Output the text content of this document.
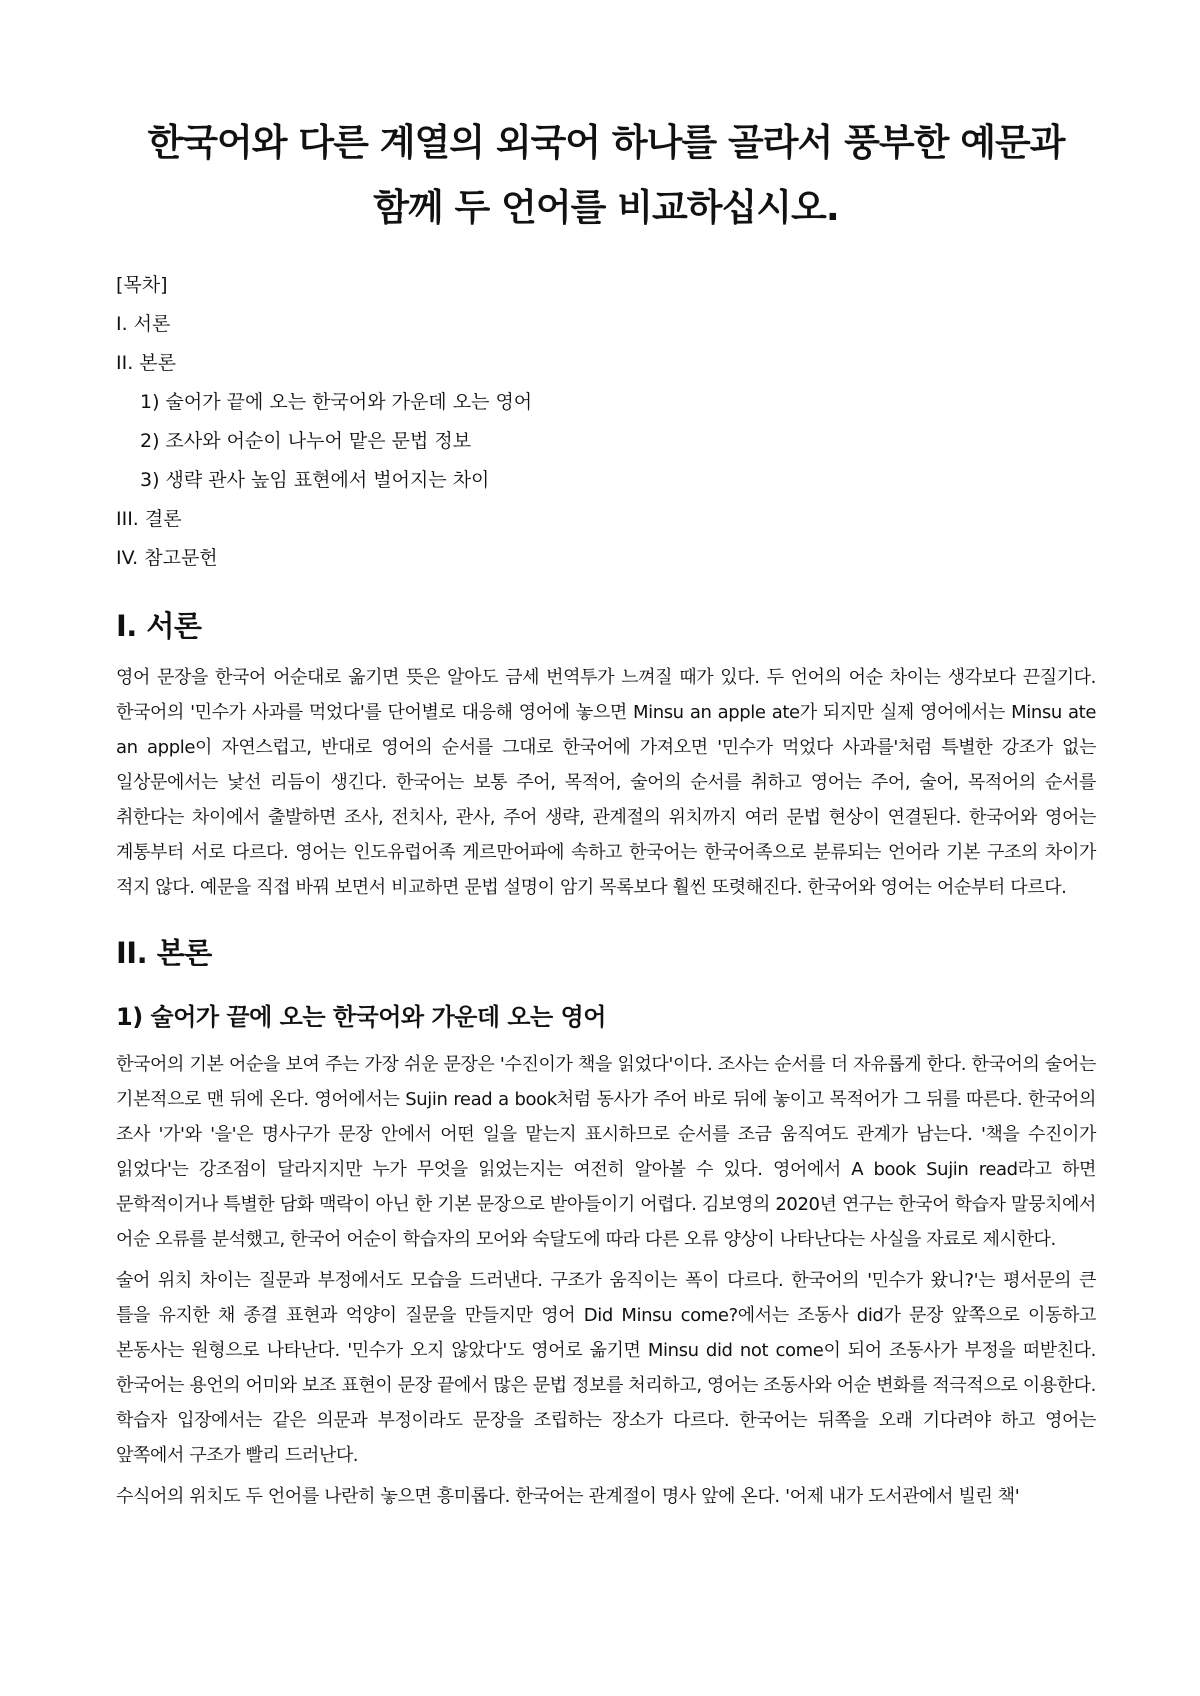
한국어와 다른 계열의 외국어 하나를 골라서 풍부한 예문과 함께 두 언어를 비교하십시오.
[목차]
I. 서론
II. 본론
1) 술어가 끝에 오는 한국어와 가운데 오는 영어
2) 조사와 어순이 나누어 맡은 문법 정보
3) 생략 관사 높임 표현에서 벌어지는 차이
III. 결론
IV. 참고문헌
I. 서론

영어 문장을 한국어 어순대로 옮기면 뜻은 알아도 금세 번역투가 느껴질 때가 있다. 두 언어의 어순 차이는 생각보다 끈질기다. 한국어의 '민수가 사과를 먹었다'를 단어별로 대응해 영어에 놓으면 Minsu an apple ate가 되지만 실제 영어에서는 Minsu ate an apple이 자연스럽고, 반대로 영어의 순서를 그대로 한국어에 가져오면 '민수가 먹었다 사과를'처럼 특별한 강조가 없는 일상문에서는 낯선 리듬이 생긴다. 한국어는 보통 주어, 목적어, 술어의 순서를 취하고 영어는 주어, 술어, 목적어의 순서를 취한다는 차이에서 출발하면 조사, 전치사, 관사, 주어 생략, 관계절의 위치까지 여러 문법 현상이 연결된다. 한국어와 영어는 계통부터 서로 다르다. 영어는 인도유럽어족 게르만어파에 속하고 한국어는 한국어족으로 분류되는 언어라 기본 구조의 차이가 적지 않다. 예문을 직접 바꿔 보면서 비교하면 문법 설명이 암기 목록보다 훨씬 또렷해진다. 한국어와 영어는 어순부터 다르다.

II. 본론
1) 술어가 끝에 오는 한국어와 가운데 오는 영어

한국어의 기본 어순을 보여 주는 가장 쉬운 문장은 '수진이가 책을 읽었다'이다. 조사는 순서를 더 자유롭게 한다. 한국어의 술어는 기본적으로 맨 뒤에 온다. 영어에서는 Sujin read a book처럼 동사가 주어 바로 뒤에 놓이고 목적어가 그 뒤를 따른다. 한국어의 조사 '가'와 '을'은 명사구가 문장 안에서 어떤 일을 맡는지 표시하므로 순서를 조금 움직여도 관계가 남는다. '책을 수진이가 읽었다'는 강조점이 달라지지만 누가 무엇을 읽었는지는 여전히 알아볼 수 있다. 영어에서 A book Sujin read라고 하면 문학적이거나 특별한 담화 맥락이 아닌 한 기본 문장으로 받아들이기 어렵다. 김보영의 2020년 연구는 한국어 학습자 말뭉치에서 어순 오류를 분석했고, 한국어 어순이 학습자의 모어와 숙달도에 따라 다른 오류 양상이 나타난다는 사실을 자료로 제시한다.

술어 위치 차이는 질문과 부정에서도 모습을 드러낸다. 구조가 움직이는 폭이 다르다. 한국어의 '민수가 왔니?'는 평서문의 큰 틀을 유지한 채 종결 표현과 억양이 질문을 만들지만 영어 Did Minsu come?에서는 조동사 did가 문장 앞쪽으로 이동하고 본동사는 원형으로 나타난다. '민수가 오지 않았다'도 영어로 옮기면 Minsu did not come이 되어 조동사가 부정을 떠받친다. 한국어는 용언의 어미와 보조 표현이 문장 끝에서 많은 문법 정보를 처리하고, 영어는 조동사와 어순 변화를 적극적으로 이용한다. 학습자 입장에서는 같은 의문과 부정이라도 문장을 조립하는 장소가 다르다. 한국어는 뒤쪽을 오래 기다려야 하고 영어는 앞쪽에서 구조가 빨리 드러난다.

수식어의 위치도 두 언어를 나란히 놓으면 흥미롭다. 한국어는 관계절이 명사 앞에 온다. '어제 내가 도서관에서 빌린 책'
